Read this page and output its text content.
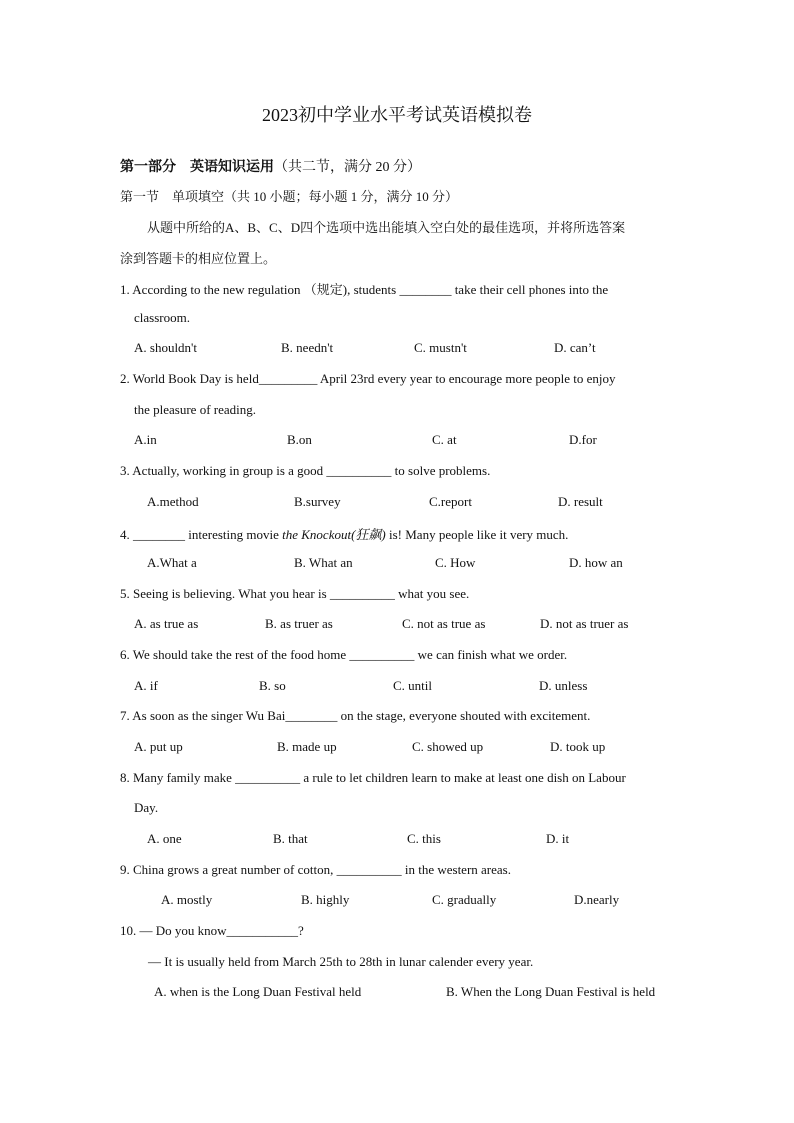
2023初中学业水平考试英语模拟卷
第一部分 英语知识运用（共二节，满分 20 分）
第一节　单项填空（共 10 小题；每小题 1 分，满分 10 分）
从题中所给的A、B、C、D四个选项中选出能填入空白处的最佳选项，并将所选答案
涂到答题卡的相应位置上。
1. According to the new regulation （规定), students ________ take their cell phones into the
classroom.
A. shouldn't	B. needn't	C. mustn't	D. can’t
2. World Book Day is held_________ April 23rd every year to encourage more people to enjoy
the pleasure of reading.
A.in	B.on	C. at	D.for
3. Actually, working in group is a good __________ to solve problems.
A.method	B.survey	C.report	D. result
4. ________ interesting movie the Knockout(狂飙) is! Many people like it very much.
A.What a	B. What an	C. How	D. how an
5. Seeing is believing. What you hear is __________ what you see.
A. as true as	B. as truer as	C. not as true as	D. not as truer as
6. We should take the rest of the food home __________ we can finish what we order.
A. if	B. so	C. until	D. unless
7. As soon as the singer Wu Bai________ on the stage, everyone shouted with excitement.
A. put up	B. made up	C. showed up	D. took up
8. Many family make __________ a rule to let children learn to make at least one dish on Labour
Day.
A. one	B. that	C. this	D. it
9. China grows a great number of cotton, __________ in the western areas.
A. mostly	B. highly	C. gradually	D.nearly
10. — Do you know___________?
— It is usually held from March 25th to 28th in lunar calender every year.
A. when is the Long Duan Festival held	B. When the Long Duan Festival is held
